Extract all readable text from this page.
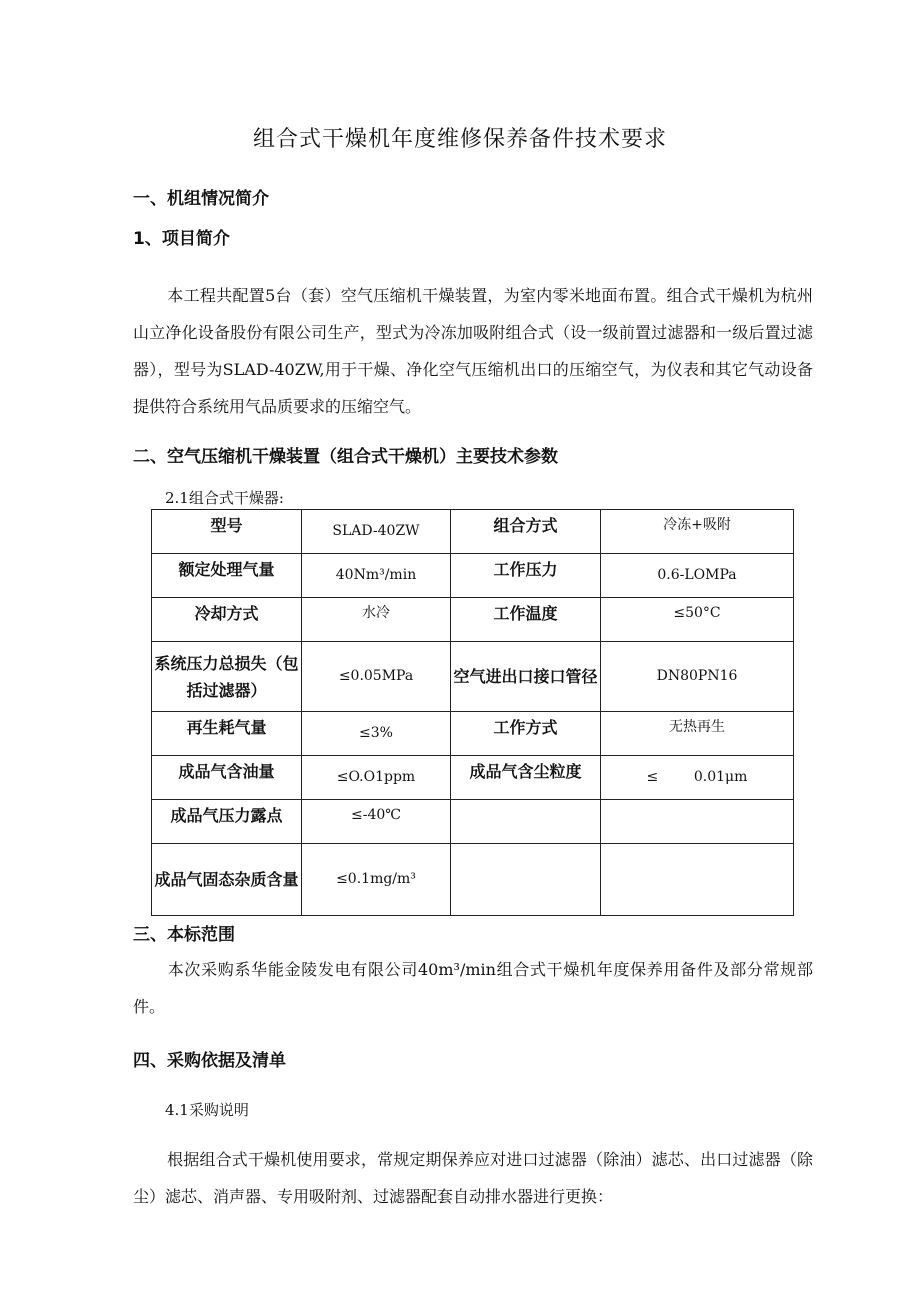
组合式干燥机年度维修保养备件技术要求
一、机组情况简介
1、项目简介
本工程共配置5台（套）空气压缩机干燥装置，为室内零米地面布置。组合式干燥机为杭州山立净化设备股份有限公司生产，型式为冷冻加吸附组合式（设一级前置过滤器和一级后置过滤器），型号为SLAD-40ZW,用于干燥、净化空气压缩机出口的压缩空气，为仪表和其它气动设备提供符合系统用气品质要求的压缩空气。
二、空气压缩机干燥装置（组合式干燥机）主要技术参数
2.1组合式干燥器:
型号	SLAD-40ZW	组合方式	冷冻+吸附
额定处理气量	40Nm³/min	工作压力	0.6-LOMPa
冷却方式	水冷	工作温度	≤50°C
系统压力总损失（包括过滤器）	≤0.05MPa	空气进出口接口管径	DN80PN16
再生耗气量	≤3%	工作方式	无热再生
成品气含油量	≤O.O1ppm	成品气含尘粒度	≤        0.01μm
成品气压力露点	≤-40℃		
成品气固态杂质含量	≤0.1mg/m³		
三、本标范围
本次采购系华能金陵发电有限公司40m³/min组合式干燥机年度保养用备件及部分常规部件。
四、采购依据及清单
4.1采购说明
根据组合式干燥机使用要求，常规定期保养应对进口过滤器（除油）滤芯、出口过滤器（除尘）滤芯、消声器、专用吸附剂、过滤器配套自动排水器进行更换：
